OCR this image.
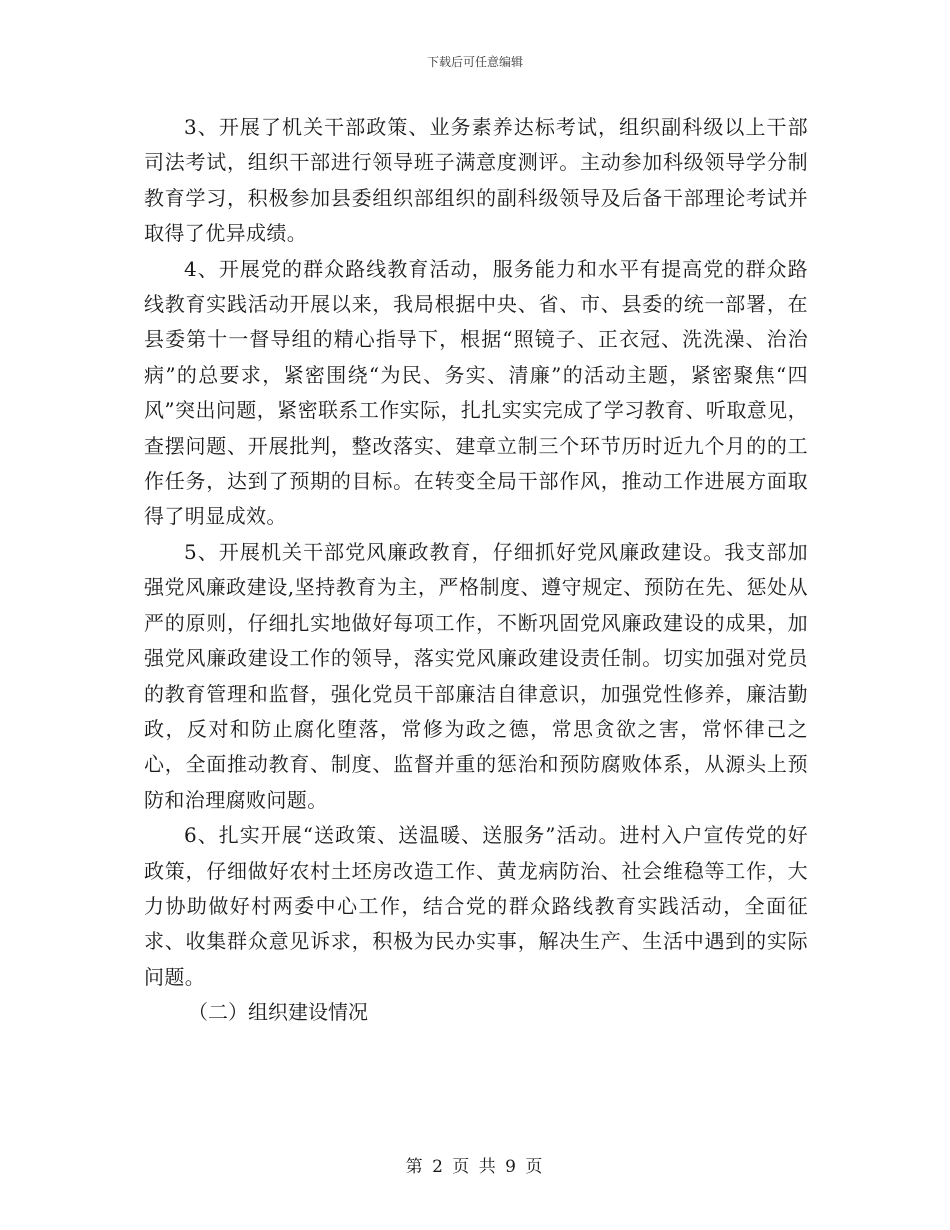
下载后可任意编辑

3、开展了机关干部政策、业务素养达标考试，组织副科级以上干部司法考试，组织干部进行领导班子满意度测评。主动参加科级领导学分制教育学习，积极参加县委组织部组织的副科级领导及后备干部理论考试并取得了优异成绩。

4、开展党的群众路线教育活动，服务能力和水平有提高党的群众路线教育实践活动开展以来，我局根据中央、省、市、县委的统一部署，在县委第十一督导组的精心指导下，根据“照镜子、正衣冠、洗洗澡、治治病”的总要求，紧密围绕“为民、务实、清廉”的活动主题，紧密聚焦“四风”突出问题，紧密联系工作实际，扎扎实实完成了学习教育、听取意见，查摆问题、开展批判，整改落实、建章立制三个环节历时近九个月的的工作任务，达到了预期的目标。在转变全局干部作风，推动工作进展方面取得了明显成效。

5、开展机关干部党风廉政教育，仔细抓好党风廉政建设。我支部加强党风廉政建设,坚持教育为主，严格制度、遵守规定、预防在先、惩处从严的原则，仔细扎实地做好每项工作，不断巩固党风廉政建设的成果，加强党风廉政建设工作的领导，落实党风廉政建设责任制。切实加强对党员的教育管理和监督，强化党员干部廉洁自律意识，加强党性修养，廉洁勤政，反对和防止腐化堕落，常修为政之德，常思贪欲之害，常怀律己之心，全面推动教育、制度、监督并重的惩治和预防腐败体系，从源头上预防和治理腐败问题。

6、扎实开展“送政策、送温暖、送服务”活动。进村入户宣传党的好政策，仔细做好农村土坯房改造工作、黄龙病防治、社会维稳等工作，大力协助做好村两委中心工作，结合党的群众路线教育实践活动，全面征求、收集群众意见诉求，积极为民办实事，解决生产、生活中遇到的实际问题。

（二）组织建设情况

第 2 页 共 9 页
